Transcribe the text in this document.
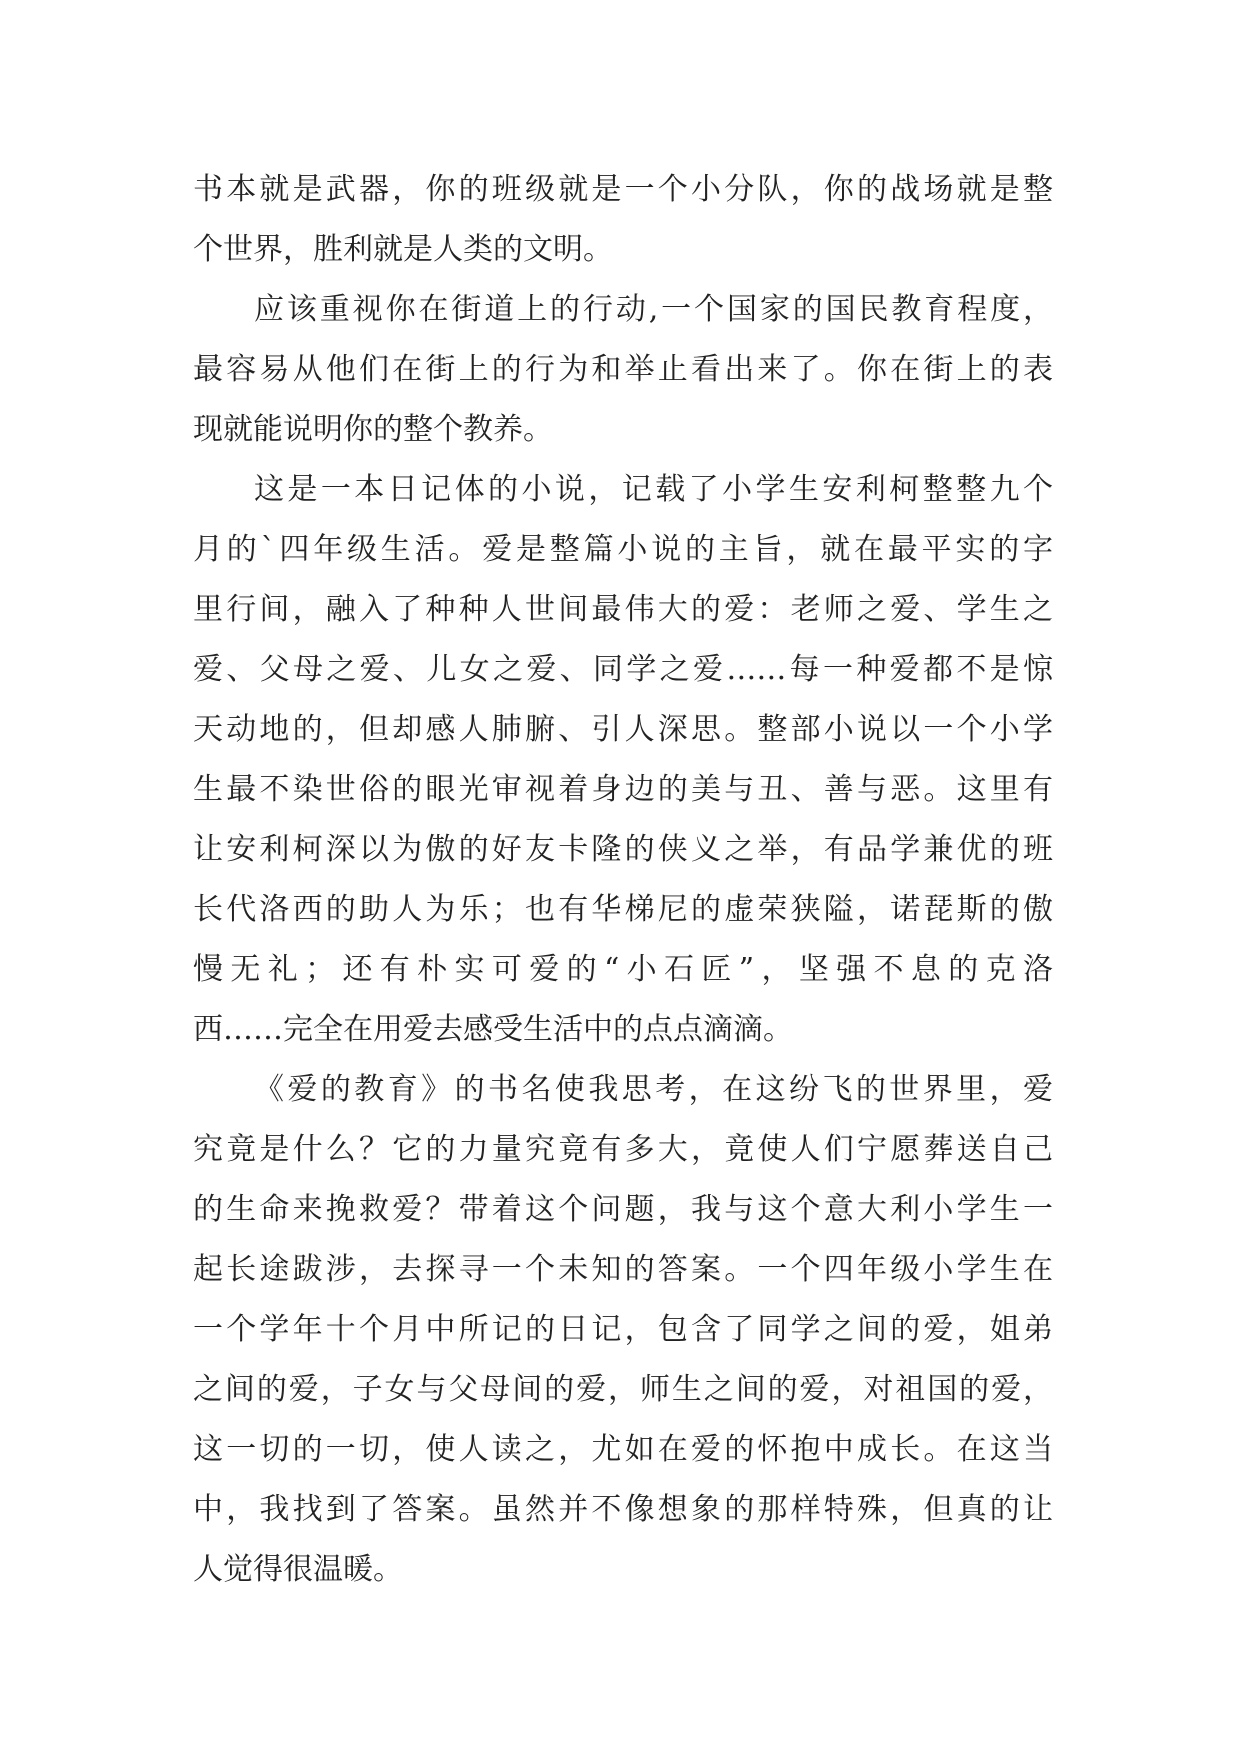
书本就是武器，你的班级就是一个小分队，你的战场就是整
个世界，胜利就是人类的文明。
应该重视你在街道上的行动,一个国家的国民教育程度，
最容易从他们在街上的行为和举止看出来了。你在街上的表
现就能说明你的整个教养。
这是一本日记体的小说，记载了小学生安利柯整整九个
月的`四年级生活。爱是整篇小说的主旨，就在最平实的字
里行间，融入了种种人世间最伟大的爱：老师之爱、学生之
爱、父母之爱、儿女之爱、同学之爱……每一种爱都不是惊
天动地的，但却感人肺腑、引人深思。整部小说以一个小学
生最不染世俗的眼光审视着身边的美与丑、善与恶。这里有
让安利柯深以为傲的好友卡隆的侠义之举，有品学兼优的班
长代洛西的助人为乐；也有华梯尼的虚荣狭隘，诺琵斯的傲
慢无礼；还有朴实可爱的“小石匠”，坚强不息的克洛
西……完全在用爱去感受生活中的点点滴滴。
《爱的教育》的书名使我思考，在这纷飞的世界里，爱
究竟是什么？它的力量究竟有多大，竟使人们宁愿葬送自己
的生命来挽救爱？带着这个问题，我与这个意大利小学生一
起长途跋涉，去探寻一个未知的答案。一个四年级小学生在
一个学年十个月中所记的日记，包含了同学之间的爱，姐弟
之间的爱，子女与父母间的爱，师生之间的爱，对祖国的爱，
这一切的一切，使人读之，尤如在爱的怀抱中成长。在这当
中，我找到了答案。虽然并不像想象的那样特殊，但真的让
人觉得很温暖。
